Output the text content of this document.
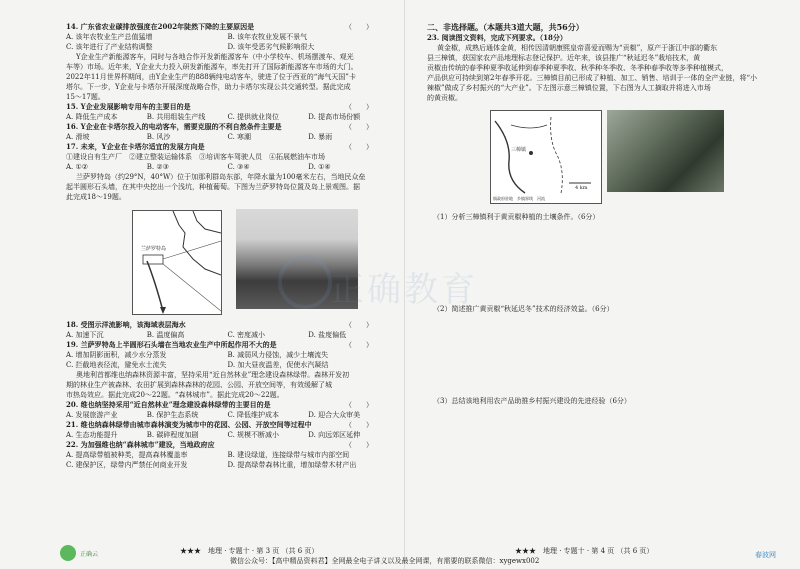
14. 广东省农业碳排放强度在2002年陡然下降的主要原因是	（　　）
A. 该年农牧业生产总值猛增	B. 该年农牧业发展不景气
C. 该年进行了产业结构调整	D. 该年受恶劣气候影响很大
Y企业生产新能源客车，同时与各地合作开发新能源客车（中小学校车、机场摆渡车、观光
车等）市场。近年来，Y企业大力投入研发新能源车，率先打开了国际新能源客车市场的大门。
2022年11月世界杯期间，由Y企业生产的888辆纯电动客车，驶进了位于西亚的“海气天国”卡
塔尔。下一步，Y企业与卡塔尔开展深度战略合作，助力卡塔尔实现公共交通转型。据此完成
15～17题。
15. Y企业发展影响专用车的主要目的是	（　　）
A. 降低生产成本	B. 共用组装生产线	C. 提供就业岗位	D. 提高市场份额
16. Y企业在卡塔尔投入的电动客车，需要克服的不利自然条件主要是	（　　）
A. 滑坡	B. 风沙	C. 寒潮	D. 暴雨
17. 未来，Y企业在卡塔尔适宜的发展方向是	（　　）
①建设自有生产厂　②建立整装运输体系　③培训客车驾驶人员　④拓展燃油车市场
A. ①②	B. ②③	C. ③④	D. ①④
兰萨罗特岛（约29°N，40°W）位于加那利群岛东部，年降水量为100毫米左右，当地民众垒
起半圆形石头墙，在其中央挖出一个浅坑，种植葡萄。下图为兰萨罗特岛位置及岛上景观图。据
此完成18～19题。
兰萨罗特岛
18. 受图示洋流影响，该海域表层海水	（　　）
A. 加速下沉	B. 温度偏高	C. 密度减小	D. 盐度偏低
19. 兰萨罗特岛上半圆形石头墙在当地农业生产中所起作用不大的是	（　　）
A. 增加阴影面积，减少水分蒸发	B. 减弱风力侵蚀，减少土壤流失
C. 拦截地表径流，避免水土流失	D. 加大昼夜温差，促使水汽凝结
奥地利首都维也纳森林资源丰富，坚持采用“近自然林业”理念建设森林绿带。森林开发初
期的林业生产被森林、农田扩展到森林森林的花园、公园、开放空间等，有效缓解了城
市热岛效应。据此完成20～22题。“森林城市”。据此完成20～22题。
20. 维也纳坚持采用“近自然林业”理念建设森林绿带的主要目的是	（　　）
A. 发展旅游产业	B. 保护生态系统	C. 降低维护成本	D. 迎合大众审美
21. 维也纳森林绿带由城市森林演变为城市中的花园、公园、开放空间等过程中	（　　）
A. 生态功能提升	B. 碳碎程度加剧	C. 规模不断减小	D. 向远郊区延伸
22. 为加强维也纳“森林城市”建设，当地政府应	（　　）
A. 提高绿带植被种类，提高森林覆盖率	B. 建设绿道，连接绿带与城市内部空间
C. 建保护区，绿带内严禁任何商业开发	D. 提高绿带森林比重，增加绿带木材产出
★★★　 地理 · 专题十 · 第 3 页 （共 6 页）
二、非选择题。（本题共3道大题，共56分）
23. 阅读图文资料，完成下列要求。（18分）
黄金椒，成熟后通体金黄，相传因清朝康熙皇帝喜爱而赐为“贡椒”，原产于浙江中部的衢东
县三樟镇，获国家农产品地理标志登记保护。近年来，该县推广“秋延迟冬”栽培技术，黄
贡椒由传统的春季种夏季收延伸到春季种夏季收、秋季种冬季收、冬季种春季收等多季种植模式，
产品供应可持续到第2年春季开花。三樟镇目前已形成了种植、加工、销售、培训于一体的全产业链，将“小
辣椒”做成了乡村振兴的“大产业”。下左图示意三樟镇位置，下右图为人工摘取并将进入市场
的黄贡椒。
三樟镇
4 km
镇政府驻地　 乡镇界线　 河流
（1）分析三樟镇利于黄贡椒种植的土壤条件。（6分）
（2）简述推广黄贡椒“秋延迟冬”技术的经济效益。（6分）
（3）总结该地利用农产品助推乡村振兴建设的先进经验（6分）
★★★　 地理 · 专题十 · 第 4 页 （共 6 页）
正确教育
正确云	春波网
微信公众号：【高中精品资料君】全网最全电子讲义以及最全网课，有需要的联系微信：xygewx002
